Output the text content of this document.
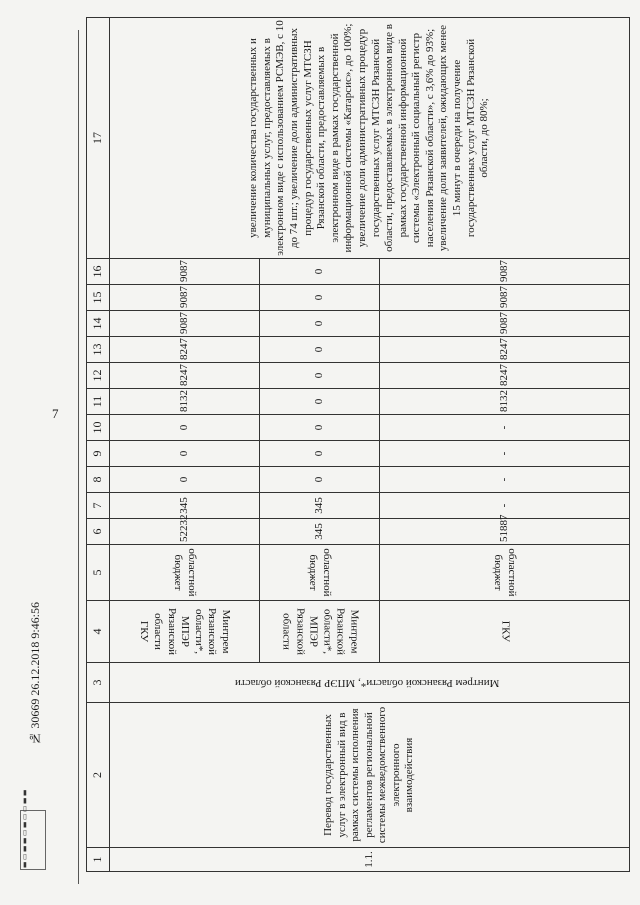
7
1	2	3	4	5	6	7	8	9	10	11	12	13	14	15	16	17
1.1.	Перевод государственных услуг в электронный вид в рамках системы исполнения регламентов региональной системы межведомственного электронного взаимодействия	Минтрем Рязанской области*, МПЭР Рязанской области	Минтрем Рязанской области*, МПЭР Рязанской области ГКУ	областной бюджет	52232	345	0	0	0	8132	8247	8247	9087	9087	9087	увеличение количества государственных и муниципальных услуг, предоставляемых в электронном виде с использованием РСМЭВ, с 10 до 74 шт.; увеличение доли административных процедур государственных услуг МТСЗН Рязанской области, предоставляемых в электронном виде в рамках государственной информационной системы «Катарсис», до 100%; увеличение доли административных процедур государственных услуг МТСЗН Рязанской области, предоставляемых в электронном виде в рамках государственной информационной системы «Электронный социальный регистр населения Рязанской области», с 3,6% до 93%; увеличение доли заявителей, ожидающих менее 15 минут в очереди на получение государственных услуг МТСЗН Рязанской области, до 80%;
			Минтрем Рязанской области*, МПЭР Рязанской области	областной бюджет	345	345	0	0	0	0	0	0	0	0	0	
			ГКУ	областной бюджет	51887	-	-	-	-	8132	8247	8247	9087	9087	9087	
№ 30669 26.12.2018 9:46:56
▮▯▮▮▯▮▯▯▮▮
